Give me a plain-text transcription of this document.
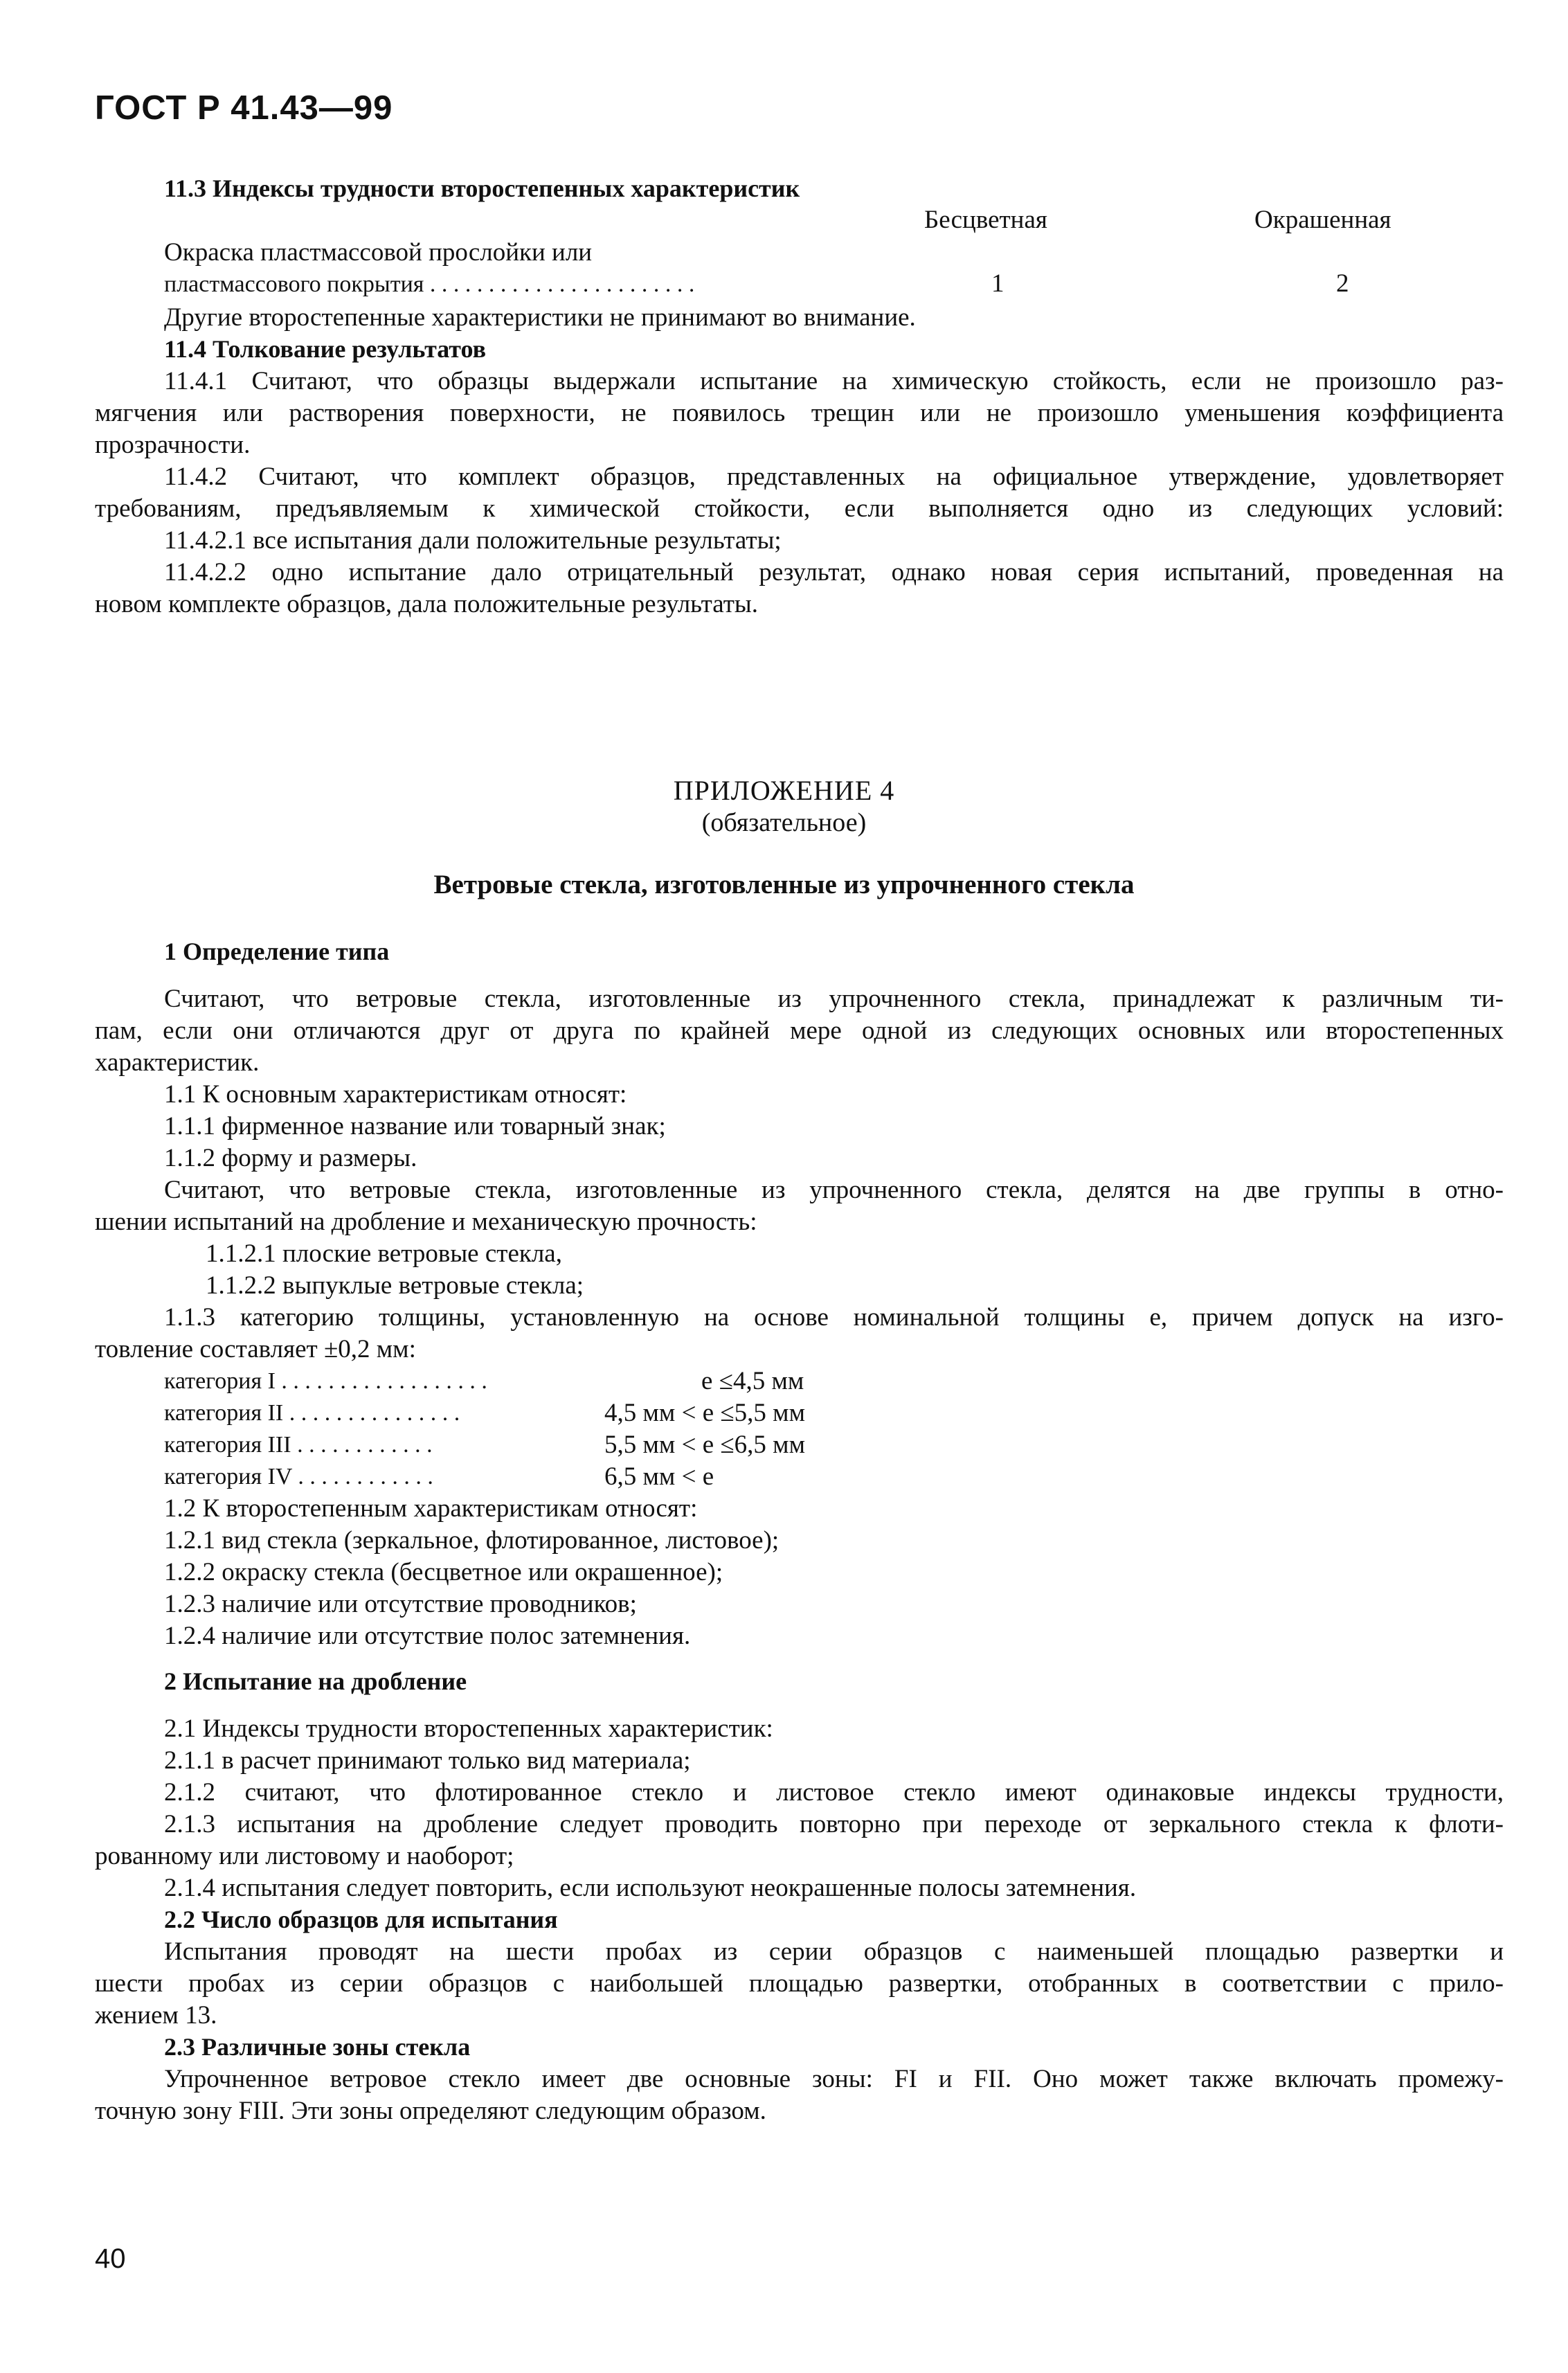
ГОСТ Р 41.43—99
11.3 Индексы трудности второстепенных характеристик
Бесцветная	Окрашенная
Окраска пластмассовой прослойки или
пластмассового покрытия . . . . . . . . . . . . . . . . . . . . . . .	1	2
Другие второстепенные характеристики не принимают во внимание.
11.4 Толкование результатов
11.4.1 Считают, что образцы выдержали испытание на химическую стойкость, если не произошло раз-
мягчения или растворения поверхности, не появилось трещин или не произошло уменьшения коэффициента
прозрачности.
11.4.2 Считают, что комплект образцов, представленных на официальное утверждение, удовлетворяет
требованиям, предъявляемым к химической стойкости, если выполняется одно из следующих условий:
11.4.2.1 все испытания дали положительные результаты;
11.4.2.2 одно испытание дало отрицательный результат, однако новая серия испытаний, проведенная на
новом комплекте образцов, дала положительные результаты.
ПРИЛОЖЕНИЕ 4
(обязательное)
Ветровые стекла, изготовленные из упрочненного стекла
1 Определение типа
Считают, что ветровые стекла, изготовленные из упрочненного стекла, принадлежат к различным ти-
пам, если они отличаются друг от друга по крайней мере одной из следующих основных или второстепенных
характеристик.
1.1 К основным характеристикам относят:
1.1.1 фирменное название или товарный знак;
1.1.2 форму и размеры.
Считают, что ветровые стекла, изготовленные из упрочненного стекла, делятся на две группы в отно-
шении испытаний на дробление и механическую прочность:
1.1.2.1 плоские ветровые стекла,
1.1.2.2 выпуклые ветровые стекла;
1.1.3 категорию толщины, установленную на основе номинальной толщины e, причем допуск на изго-
товление составляет ±0,2 мм:
категория I . . . . . . . . . . . . . . . . . .	e ≤4,5 мм
категория II . . . . . . . . . . . . . . .	4,5 мм < e ≤5,5 мм
категория III . . . . . . . . . . . .	5,5 мм < e ≤6,5 мм
категория IV . . . . . . . . . . . .	6,5 мм < e
1.2 К второстепенным характеристикам относят:
1.2.1 вид стекла (зеркальное, флотированное, листовое);
1.2.2 окраску стекла (бесцветное или окрашенное);
1.2.3 наличие или отсутствие проводников;
1.2.4 наличие или отсутствие полос затемнения.
2 Испытание на дробление
2.1 Индексы трудности второстепенных характеристик:
2.1.1 в расчет принимают только вид материала;
2.1.2 считают, что флотированное стекло и листовое стекло имеют одинаковые индексы трудности,
2.1.3 испытания на дробление следует проводить повторно при переходе от зеркального стекла к флоти-
рованному или листовому и наоборот;
2.1.4 испытания следует повторить, если используют неокрашенные полосы затемнения.
2.2 Число образцов для испытания
Испытания проводят на шести пробах из серии образцов с наименьшей площадью развертки и
шести пробах из серии образцов с наибольшей площадью развертки, отобранных в соответствии с прило-
жением 13.
2.3 Различные зоны стекла
Упрочненное ветровое стекло имеет две основные зоны: FI и FII. Оно может также включать промежу-
точную зону FIII. Эти зоны определяют следующим образом.
40
